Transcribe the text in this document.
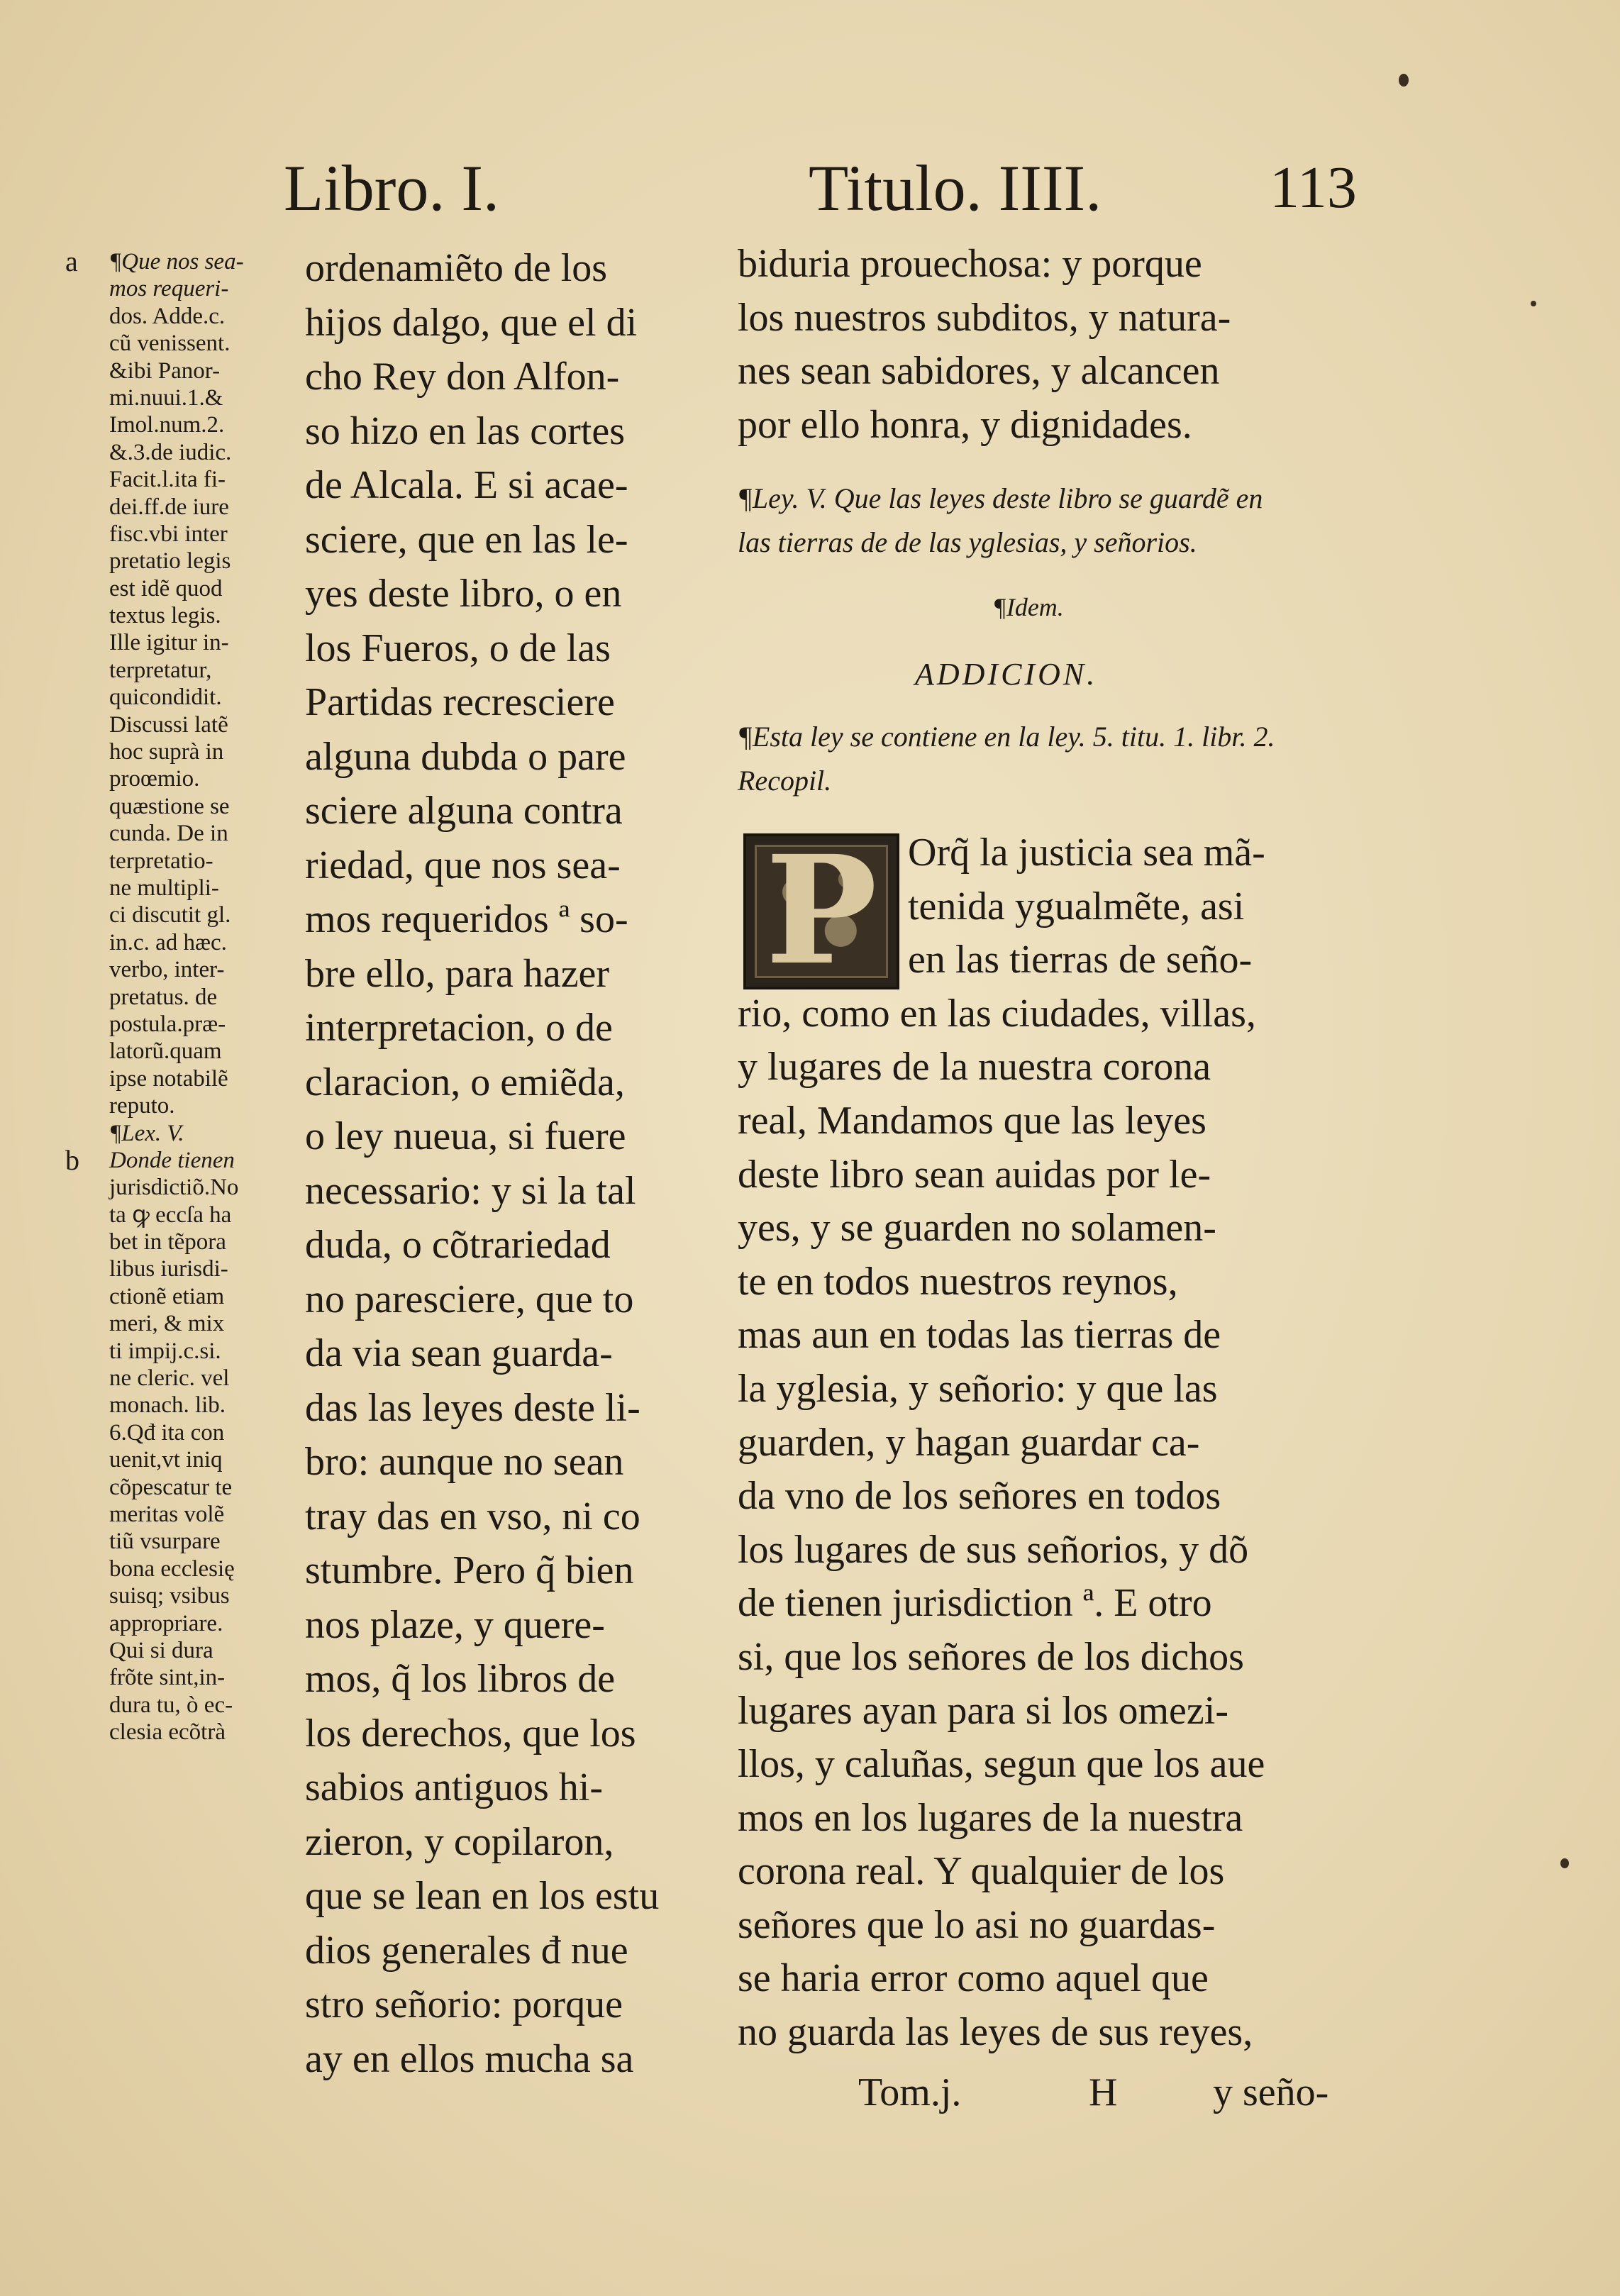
Libro. I.	Titulo. IIII.	113
a ¶Que nos sea-
mos requeri-
dos. Adde.c.
cũ venissent.
&ibi Panor-
mi.nuui.1.&
Imol.num.2.
&.3.de iudic.
Facit.l.ita fi-
dei.ff.de iure
fisc.vbi inter
pretatio legis
est idẽ quod
textus legis.
Ille igitur in-
terpretatur,
quicondidit.
Discussi latẽ
hoc suprà in
proœmio.
quæstione se
cunda. De in
terpretatio-
ne multipli-
ci discutit gl.
in.c. ad hæc.
verbo, inter-
pretatus. de
postula.præ-
latorũ.quam
ipse notabilẽ
reputo.
¶Lex. V.
b Donde tienen
jurisdictiõ.No
ta ꝙ eccſa ha
bet in tẽpora
libus iurisdi-
ctionẽ etiam
meri, & mix
ti impij.c.si.
ne cleric. vel
monach. lib.
6.Qđ ita con
uenit,vt iniq
cõpescatur te
meritas volẽ
tiũ vsurpare
bona ecclesię
suisq; vsibus
appropriare.
Qui si dura
frõte sint,in-
dura tu, ò ec-
clesia ecõtrà
ordenamiẽto de los
hijos dalgo, que el di
cho Rey don Alfon-
so hizo en las cortes
de Alcala. E si acae-
sciere, que en las le-
yes deste libro, o en
los Fueros, o de las
Partidas recresciere
alguna dubda o pare
sciere alguna contra
riedad, que nos sea-
mos requeridos ª so-
bre ello, para hazer
interpretacion, o de
claracion, o emiẽda,
o ley nueua, si fuere
necessario: y si la tal
duda, o cõtrariedad
no paresciere, que to
da via sean guarda-
das las leyes deste li-
bro: aunque no sean
tray das en vso, ni co
stumbre. Pero q̃ bien
nos plaze, y quere-
mos, q̃ los libros de
los derechos, que los
sabios antiguos hi-
zieron, y copilaron,
que se lean en los estu
dios generales đ nue
stro señorio: porque
ay en ellos mucha sa
biduria prouechosa: y porque
los nuestros subditos, y natura-
nes sean sabidores, y alcancen
por ello honra, y dignidades.
¶Ley. V. Que las leyes deste libro se guardẽ en
las tierras de de las yglesias, y señorios.
¶Idem.
ADDICION.
¶Esta ley se contiene en la ley. 5. titu. 1. libr. 2.
Recopil.
P Orq̃ la justicia sea mã-
tenida ygualmẽte, asi
en las tierras de seño-
rio, como en las ciudades, villas,
y lugares de la nuestra corona
real, Mandamos que las leyes
deste libro sean auidas por le-
yes, y se guarden no solamen-
te en todos nuestros reynos,
mas aun en todas las tierras de
la yglesia, y señorio: y que las
guarden, y hagan guardar ca-
da vno de los señores en todos
los lugares de sus señorios, y dõ
de tienen jurisdiction ª. E otro
si, que los señores de los dichos
lugares ayan para si los omezi-
llos, y caluñas, segun que los aue
mos en los lugares de la nuestra
corona real. Y qualquier de los
señores que lo asi no guardas-
se haria error como aquel que
no guarda las leyes de sus reyes,
Tom.j.	H y seño-
